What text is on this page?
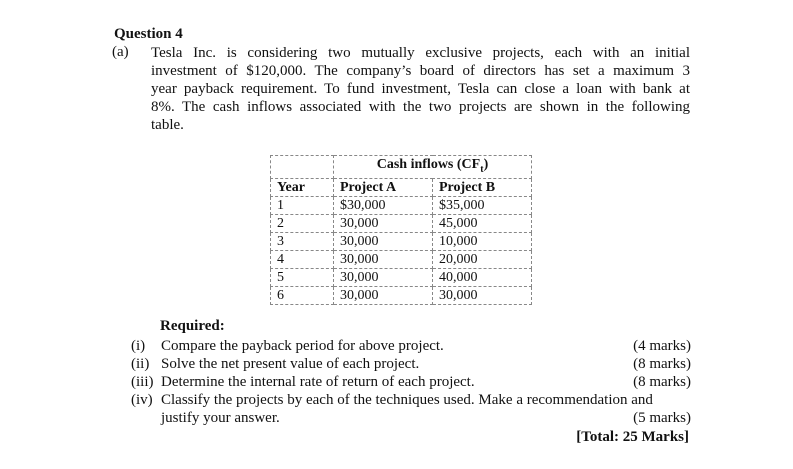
Question 4
(a) Tesla Inc. is considering two mutually exclusive projects, each with an initial
investment of $120,000. The company’s board of directors has set a maximum 3
year payback requirement. To fund investment, Tesla can close a loan with bank at
8%. The cash inflows associated with the two projects are shown in the following
table.
	Cash inflows $(CF_t)$	
Year	Project A	Project B
1	$30,000	$35,000
2	30,000	45,000
3	30,000	10,000
4	30,000	20,000
5	30,000	40,000
6	30,000	30,000
Required:
(i) Compare the payback period for above project.	(4 marks)
(ii) Solve the net present value of each project.	(8 marks)
(iii) Determine the internal rate of return of each project.	(8 marks)
(iv) Classify the projects by each of the techniques used. Make a recommendation and
justify your answer.	(5 marks)
[Total: 25 Marks]
